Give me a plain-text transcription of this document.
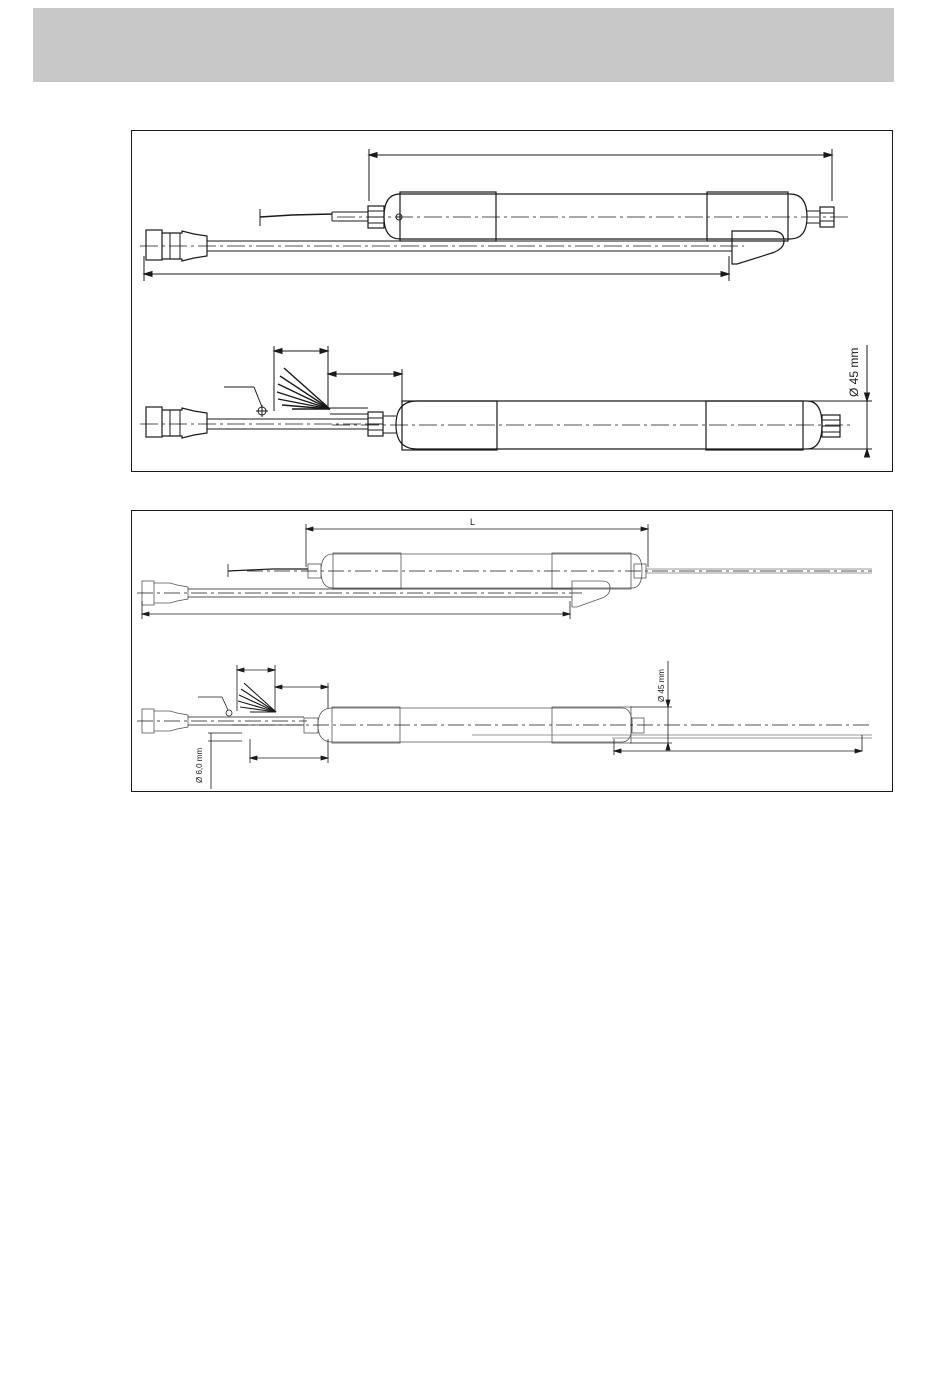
Ø 45 mm
L
Ø 45 mm
Ø 6,0 mm
